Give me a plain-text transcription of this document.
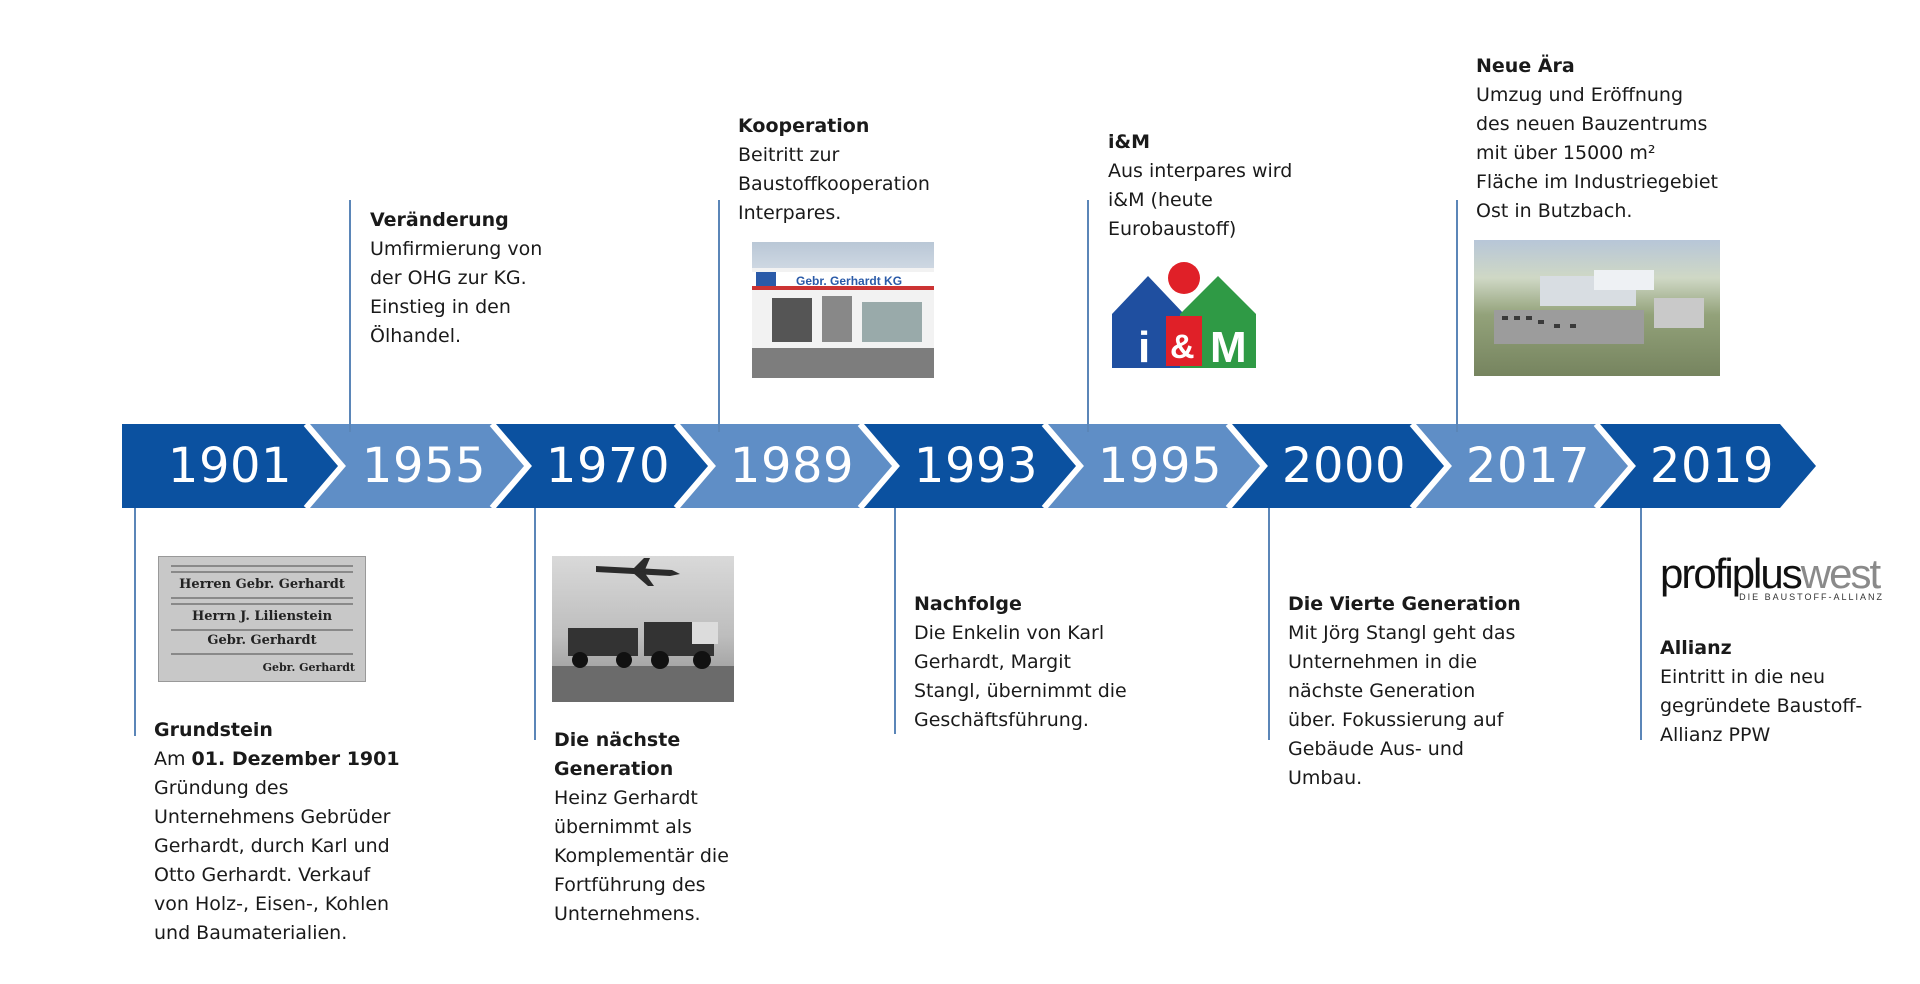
1901	1955	1970	1989	1993	1995	2000	2017	2019
Herren Gebr. Gerhardt
Herrn J. Lilienstein
Gebr. Gerhardt
Gebr. Gerhardt

Grundstein

Am 01. Dezember 1901

Gründung des

Unternehmens Gebrüder

Gerhardt, durch Karl und

Otto Gerhardt. Verkauf

von Holz-, Eisen-, Kohlen

und Baumaterialien.

Veränderung

Umfirmierung von

der OHG zur KG.

Einstieg in den

Ölhandel.

Die nächste

Generation

Heinz Gerhardt

übernimmt als

Komplementär die

Fortführung des

Unternehmens.

Kooperation

Beitritt zur

Baustoffkooperation

Interpares.

Gebr. Gerhardt KG

Nachfolge

Die Enkelin von Karl

Gerhardt, Margit

Stangl, übernimmt die

Geschäftsführung.

i&M

Aus interpares wird

i&M (heute

Eurobaustoff)

i & M

Die Vierte Generation

Mit Jörg Stangl geht das

Unternehmen in die

nächste Generation

über. Fokussierung auf

Gebäude Aus- und

Umbau.

Neue Ära

Umzug und Eröffnung

des neuen Bauzentrums

mit über 15000 m²

Fläche im Industriegebiet

Ost in Butzbach.

profipluswest
DIE BAUSTOFF-ALLIANZ

Allianz

Eintritt in die neu

gegründete Baustoff-

Allianz PPW
